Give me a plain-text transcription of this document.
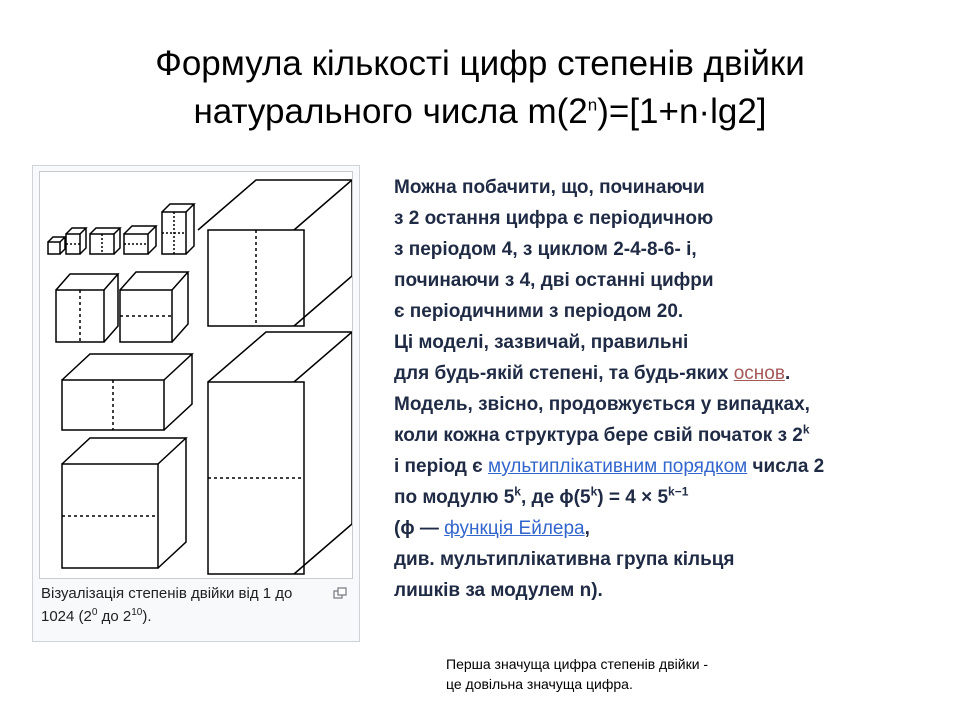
Формула кількості цифр степенів двійки
натурального числа $m(2^n)=[1+n\cdot\lg 2]$
Візуалізація степенів двійки від 1 до 1024 ($2^0$ до $2^{10}$).
Можна побачити, що, починаючи
з 2 остання цифра є періодичною
з періодом 4, з циклом 2-4-8-6- і,
починаючи з 4, дві останні цифри
є періодичними з періодом 20.
Ці моделі, зазвичай, правильні
для будь-якій степені, та будь-яких основ.
Модель, звісно, продовжується у випадках,
коли кожна структура бере свій початок з 2$^k$
і період є мультиплікативним порядком числа 2
по модулю 5$^k$, де $\phi(5^k) = 4 \times 5^{k-1}$
(ϕ — функція Ейлера,
див. мультиплікативна група кільця
лишків за модулем n).
Перша значуща цифра степенів двійки -
це довільна значуща цифра.
